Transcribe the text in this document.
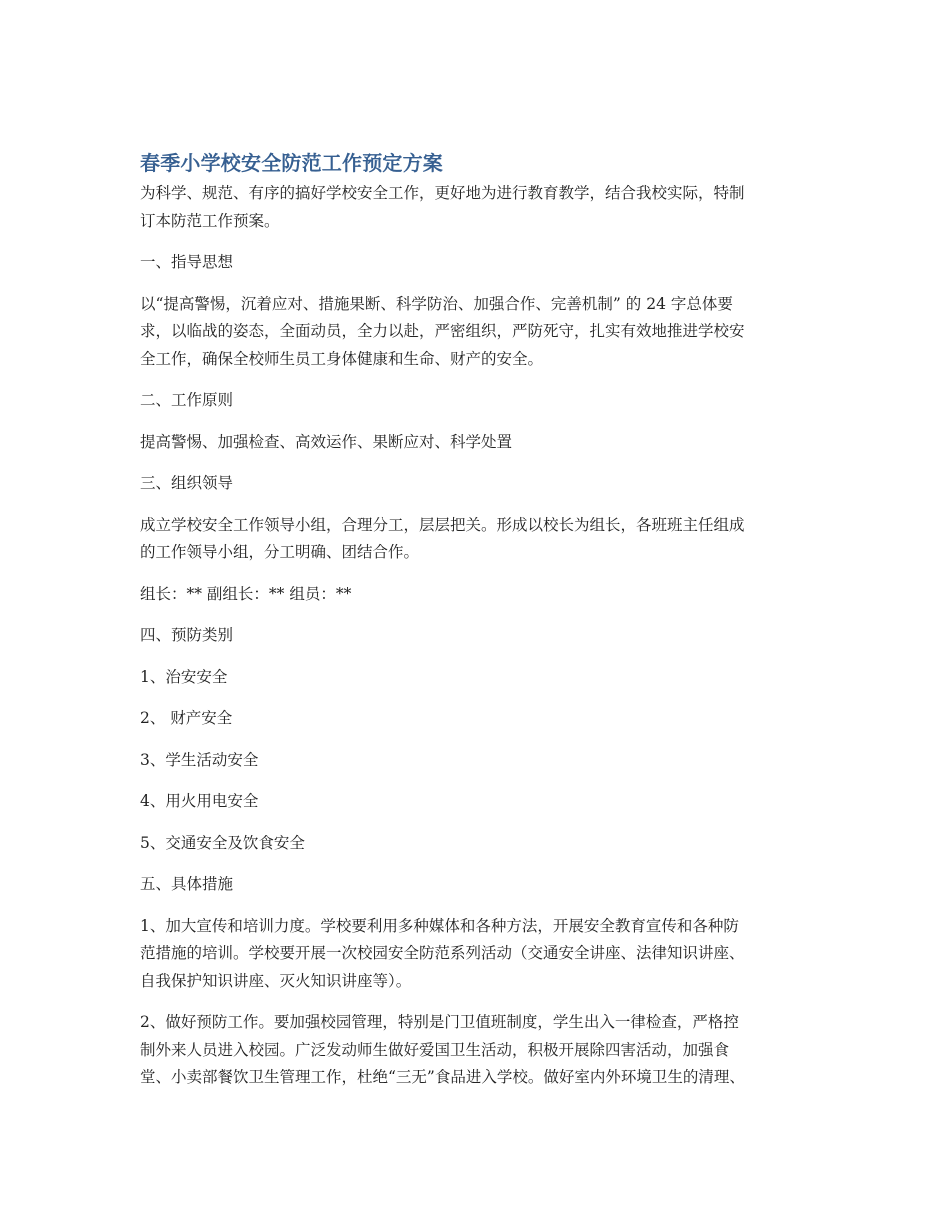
春季小学校安全防范工作预定方案

为科学、规范、有序的搞好学校安全工作，更好地为进行教育教学，结合我校实际，特制
订本防范工作预案。

一、指导思想

以“提高警惕，沉着应对、措施果断、科学防治、加强合作、完善机制” 的 24 字总体要
求，以临战的姿态，全面动员，全力以赴，严密组织，严防死守，扎实有效地推进学校安
全工作，确保全校师生员工身体健康和生命、财产的安全。

二、工作原则

提高警惕、加强检查、高效运作、果断应对、科学处置

三、组织领导

成立学校安全工作领导小组，合理分工，层层把关。形成以校长为组长，各班班主任组成
的工作领导小组，分工明确、团结合作。

组长：** 副组长：** 组员：**

四、预防类别

1、治安安全

2、 财产安全

3、学生活动安全

4、用火用电安全

5、交通安全及饮食安全

五、具体措施

1、加大宣传和培训力度。学校要利用多种媒体和各种方法，开展安全教育宣传和各种防
范措施的培训。学校要开展一次校园安全防范系列活动（交通安全讲座、法律知识讲座、
自我保护知识讲座、灭火知识讲座等）。

2、做好预防工作。要加强校园管理，特别是门卫值班制度，学生出入一律检查，严格控
制外来人员进入校园。广泛发动师生做好爱国卫生活动，积极开展除四害活动，加强食
堂、小卖部餐饮卫生管理工作，杜绝“三无”食品进入学校。做好室内外环境卫生的清理、
